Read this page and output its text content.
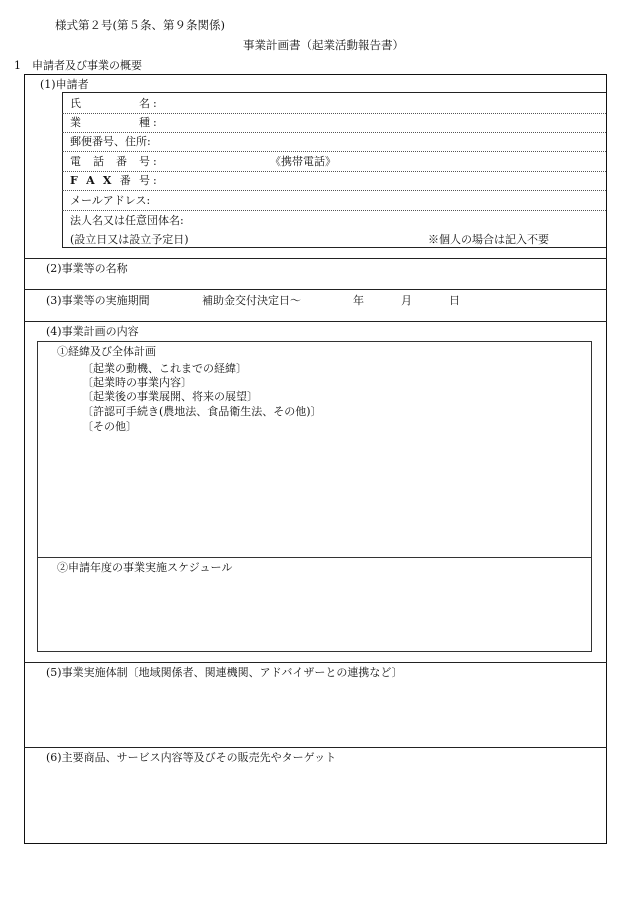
様式第２号(第５条、第９条関係)
事業計画書（起業活動報告書）
1　申請者及び事業の概要
(1)申請者
氏	名 :
業	種 :
郵便番号、住所:
電 話 番 号 :	《携帯電話》
F A X 番 号 :
メールアドレス:
法人名又は任意団体名:
(設立日又は設立予定日)	※個人の場合は記入不要
(2)事業等の名称
(3)事業等の実施期間	補助金交付決定日～	年	月	日
(4)事業計画の内容
①経緯及び全体計画
〔起業の動機、これまでの経緯〕
〔起業時の事業内容〕
〔起業後の事業展開、将来の展望〕
〔許認可手続き(農地法、食品衛生法、その他)〕
〔その他〕
②申請年度の事業実施スケジュール
(5)事業実施体制〔地域関係者、関連機関、アドバイザーとの連携など〕
(6)主要商品、サービス内容等及びその販売先やターゲット
